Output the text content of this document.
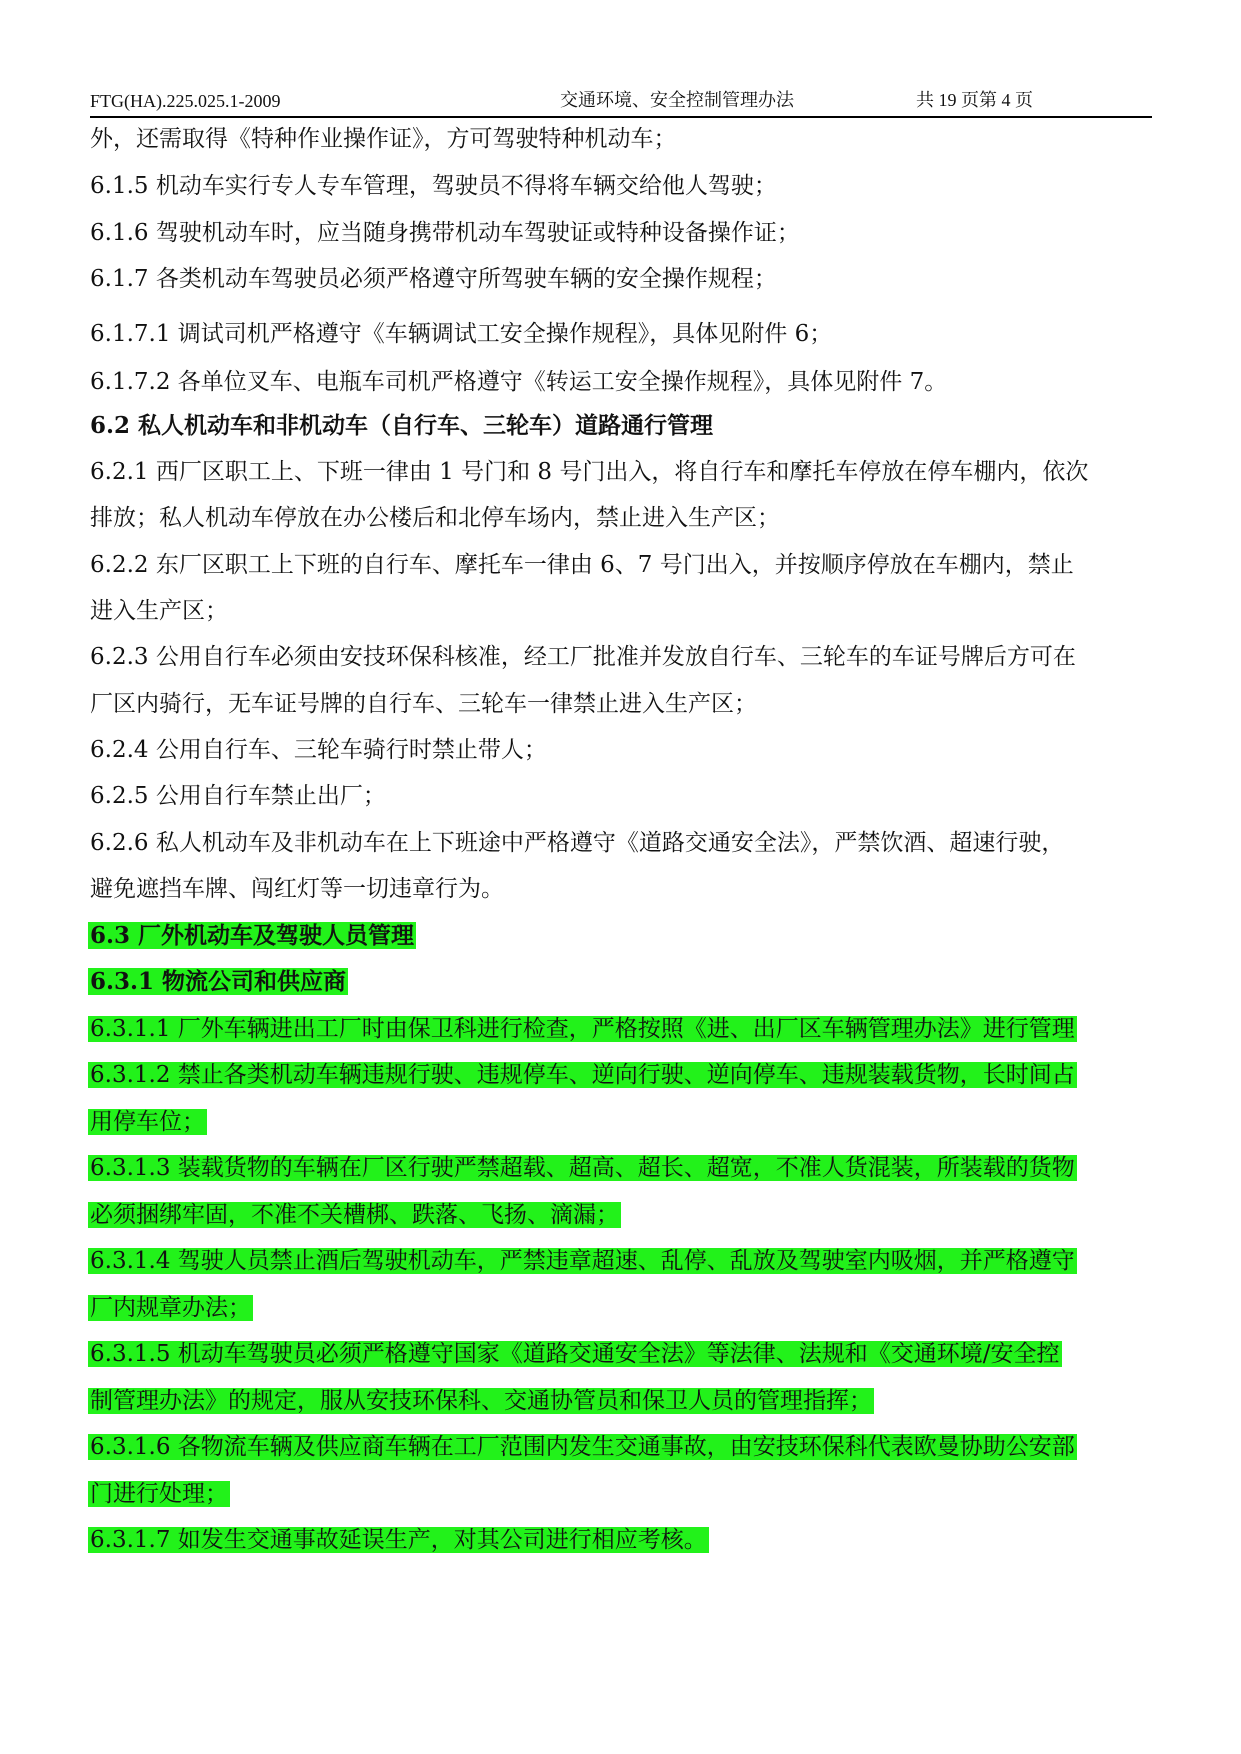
FTG(HA).225.025.1-2009	交通环境、安全控制管理办法	共 19 页第 4 页
外，还需取得《特种作业操作证》，方可驾驶特种机动车；
6.1.5 机动车实行专人专车管理，驾驶员不得将车辆交给他人驾驶；
6.1.6 驾驶机动车时，应当随身携带机动车驾驶证或特种设备操作证；
6.1.7 各类机动车驾驶员必须严格遵守所驾驶车辆的安全操作规程；
6.1.7.1 调试司机严格遵守《车辆调试工安全操作规程》，具体见附件 6；
6.1.7.2 各单位叉车、电瓶车司机严格遵守《转运工安全操作规程》，具体见附件 7。
6.2 私人机动车和非机动车（自行车、三轮车）道路通行管理
6.2.1 西厂区职工上、下班一律由 1 号门和 8 号门出入，将自行车和摩托车停放在停车棚内，依次
排放；私人机动车停放在办公楼后和北停车场内，禁止进入生产区；
6.2.2 东厂区职工上下班的自行车、摩托车一律由 6、7 号门出入，并按顺序停放在车棚内，禁止
进入生产区；
6.2.3 公用自行车必须由安技环保科核准，经工厂批准并发放自行车、三轮车的车证号牌后方可在
厂区内骑行，无车证号牌的自行车、三轮车一律禁止进入生产区；
6.2.4 公用自行车、三轮车骑行时禁止带人；
6.2.5 公用自行车禁止出厂；
6.2.6 私人机动车及非机动车在上下班途中严格遵守《道路交通安全法》，严禁饮酒、超速行驶，
避免遮挡车牌、闯红灯等一切违章行为。
6.3 厂外机动车及驾驶人员管理
6.3.1 物流公司和供应商
6.3.1.1 厂外车辆进出工厂时由保卫科进行检查，严格按照《进、出厂区车辆管理办法》进行管理
6.3.1.2 禁止各类机动车辆违规行驶、违规停车、逆向行驶、逆向停车、违规装载货物，长时间占
用停车位；
6.3.1.3 装载货物的车辆在厂区行驶严禁超载、超高、超长、超宽，不准人货混装，所装载的货物
必须捆绑牢固，不准不关槽梆、跌落、飞扬、滴漏；
6.3.1.4 驾驶人员禁止酒后驾驶机动车，严禁违章超速、乱停、乱放及驾驶室内吸烟，并严格遵守
厂内规章办法；
6.3.1.5 机动车驾驶员必须严格遵守国家《道路交通安全法》等法律、法规和《交通环境/安全控
制管理办法》的规定，服从安技环保科、交通协管员和保卫人员的管理指挥；
6.3.1.6 各物流车辆及供应商车辆在工厂范围内发生交通事故，由安技环保科代表欧曼协助公安部
门进行处理；
6.3.1.7 如发生交通事故延误生产，对其公司进行相应考核。
